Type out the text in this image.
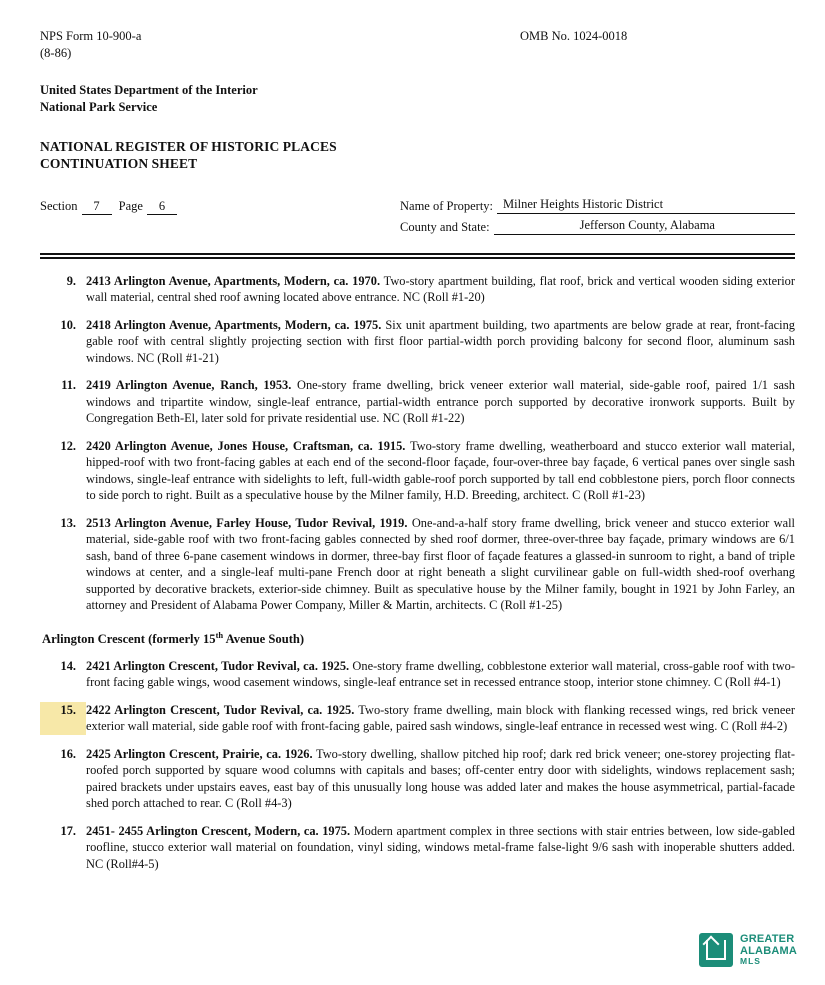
NPS Form 10-900-a
(8-86)
OMB No. 1024-0018
United States Department of the Interior
National Park Service
NATIONAL REGISTER OF HISTORIC PLACES
CONTINUATION SHEET
Section 7 Page 6	Name of Property: Milner Heights Historic District
County and State:	Jefferson County, Alabama
9. 2413 Arlington Avenue, Apartments, Modern, ca. 1970. Two-story apartment building, flat roof, brick and vertical wooden siding exterior wall material, central shed roof awning located above entrance. NC (Roll #1-20)
10. 2418 Arlington Avenue, Apartments, Modern, ca. 1975. Six unit apartment building, two apartments are below grade at rear, front-facing gable roof with central slightly projecting section with first floor partial-width porch providing balcony for second floor, aluminum sash windows. NC (Roll #1-21)
11. 2419 Arlington Avenue, Ranch, 1953. One-story frame dwelling, brick veneer exterior wall material, side-gable roof, paired 1/1 sash windows and tripartite window, single-leaf entrance, partial-width entrance porch supported by decorative ironwork supports. Built by Congregation Beth-El, later sold for private residential use. NC (Roll #1-22)
12. 2420 Arlington Avenue, Jones House, Craftsman, ca. 1915. Two-story frame dwelling, weatherboard and stucco exterior wall material, hipped-roof with two front-facing gables at each end of the second-floor façade, four-over-three bay façade, 6 vertical panes over single sash windows, single-leaf entrance with sidelights to left, full-width gable-roof porch supported by tall end cobblestone piers, porch floor connects to side porch to right. Built as a speculative house by the Milner family, H.D. Breeding, architect. C (Roll #1-23)
13. 2513 Arlington Avenue, Farley House, Tudor Revival, 1919. One-and-a-half story frame dwelling, brick veneer and stucco exterior wall material, side-gable roof with two front-facing gables connected by shed roof dormer, three-over-three bay façade, primary windows are 6/1 sash, band of three 6-pane casement windows in dormer, three-bay first floor of façade features a glassed-in sunroom to right, a band of triple windows at center, and a single-leaf multi-pane French door at right beneath a slight curvilinear gable on full-width shed-roof overhang supported by decorative brackets, exterior-side chimney. Built as speculative house by the Milner family, bought in 1921 by John Farley, an attorney and President of Alabama Power Company, Miller & Martin, architects. C (Roll #1-25)
Arlington Crescent (formerly 15th Avenue South)
14. 2421 Arlington Crescent, Tudor Revival, ca. 1925. One-story frame dwelling, cobblestone exterior wall material, cross-gable roof with two-front facing gable wings, wood casement windows, single-leaf entrance set in recessed entrance stoop, interior stone chimney. C (Roll #4-1)
15. 2422 Arlington Crescent, Tudor Revival, ca. 1925. Two-story frame dwelling, main block with flanking recessed wings, red brick veneer exterior wall material, side gable roof with front-facing gable, paired sash windows, single-leaf entrance in recessed west wing. C (Roll #4-2)
16. 2425 Arlington Crescent, Prairie, ca. 1926. Two-story dwelling, shallow pitched hip roof; dark red brick veneer; one-storey projecting flat-roofed porch supported by square wood columns with capitals and bases; off-center entry door with sidelights, windows replacement sash; paired brackets under upstairs eaves, east bay of this unusually long house was added later and makes the house asymmetrical, partial-facade shed porch attached to rear. C (Roll #4-3)
17. 2451- 2455 Arlington Crescent, Modern, ca. 1975. Modern apartment complex in three sections with stair entries between, low side-gabled roofline, stucco exterior wall material on foundation, vinyl siding, windows metal-frame false-light 9/6 sash with inoperable shutters added. NC (Roll#4-5)
GREATER
ALABAMA
MLS
